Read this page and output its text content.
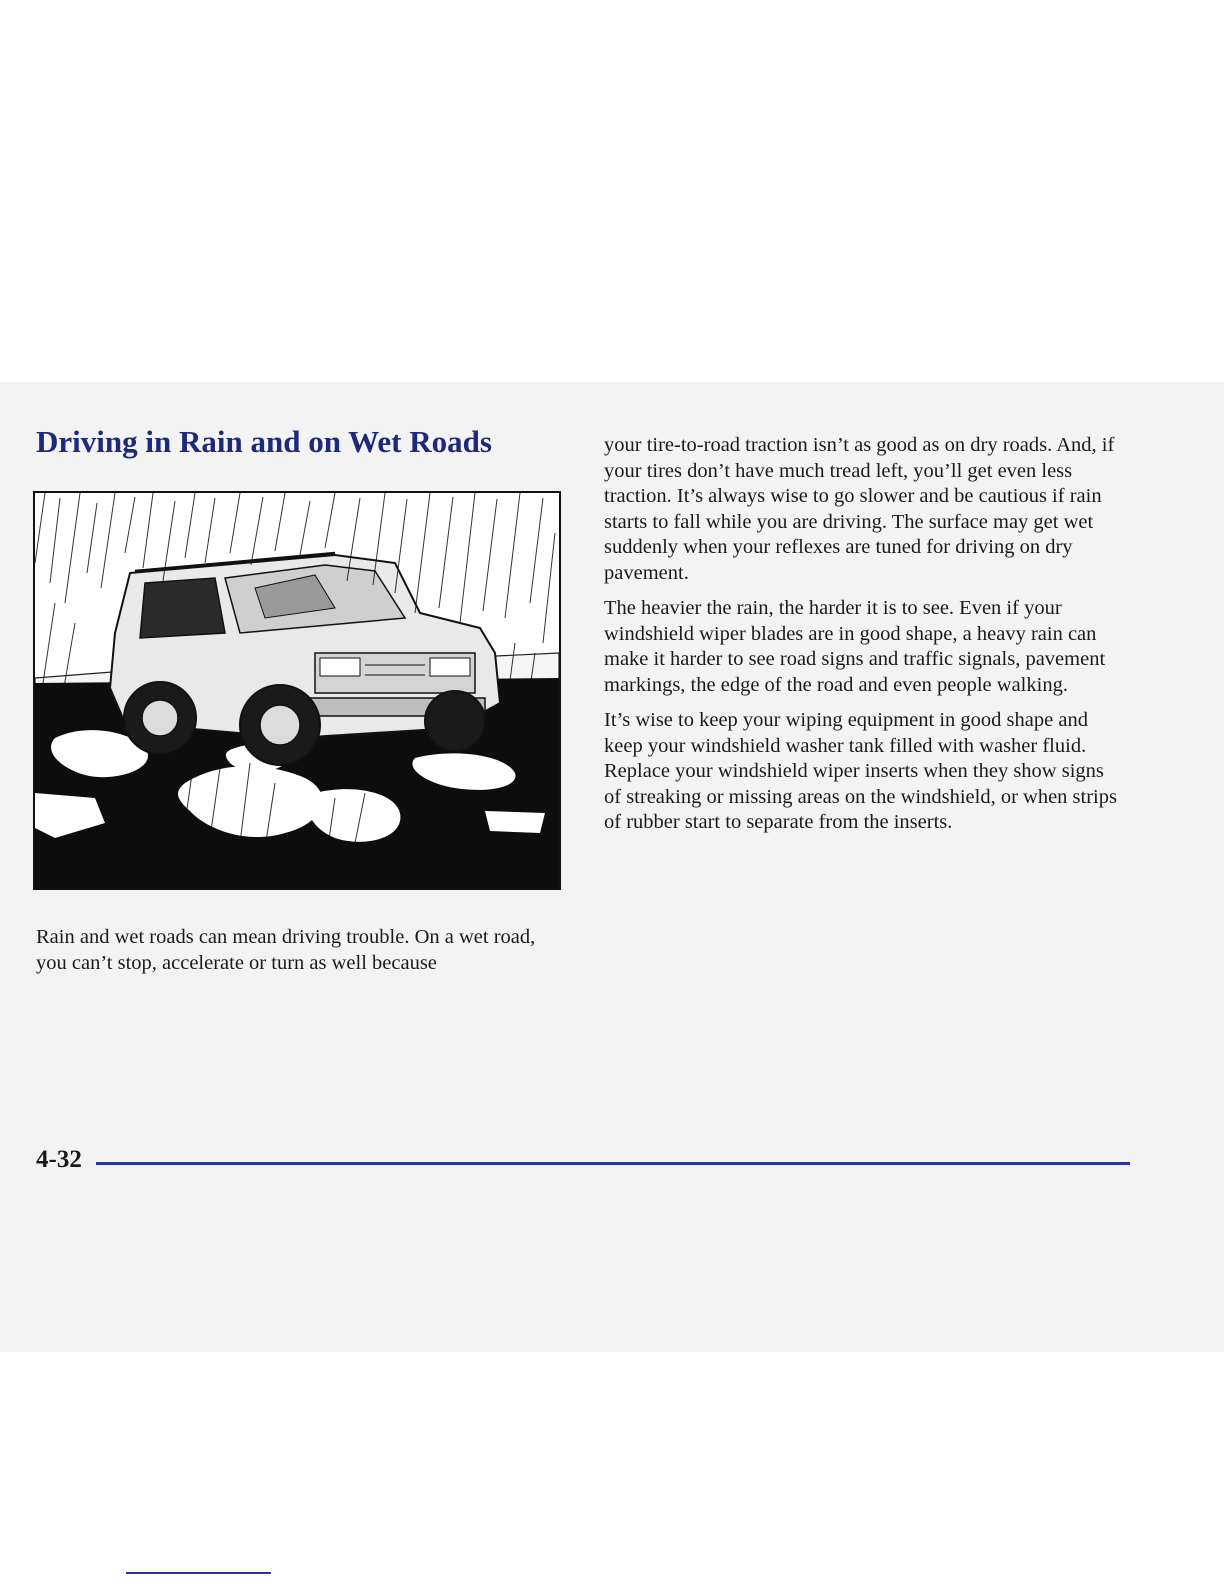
Driving in Rain and on Wet Roads

Rain and wet roads can mean driving trouble. On a wet road, you can’t stop, accelerate or turn as well because

your tire-to-road traction isn’t as good as on dry roads. And, if your tires don’t have much tread left, you’ll get even less traction. It’s always wise to go slower and be cautious if rain starts to fall while you are driving. The surface may get wet suddenly when your reflexes are tuned for driving on dry pavement.

The heavier the rain, the harder it is to see. Even if your windshield wiper blades are in good shape, a heavy rain can make it harder to see road signs and traffic signals, pavement markings, the edge of the road and even people walking.

It’s wise to keep your wiping equipment in good shape and keep your windshield washer tank filled with washer fluid. Replace your windshield wiper inserts when they show signs of streaking or missing areas on the windshield, or when strips of rubber start to separate from the inserts.

4-32
